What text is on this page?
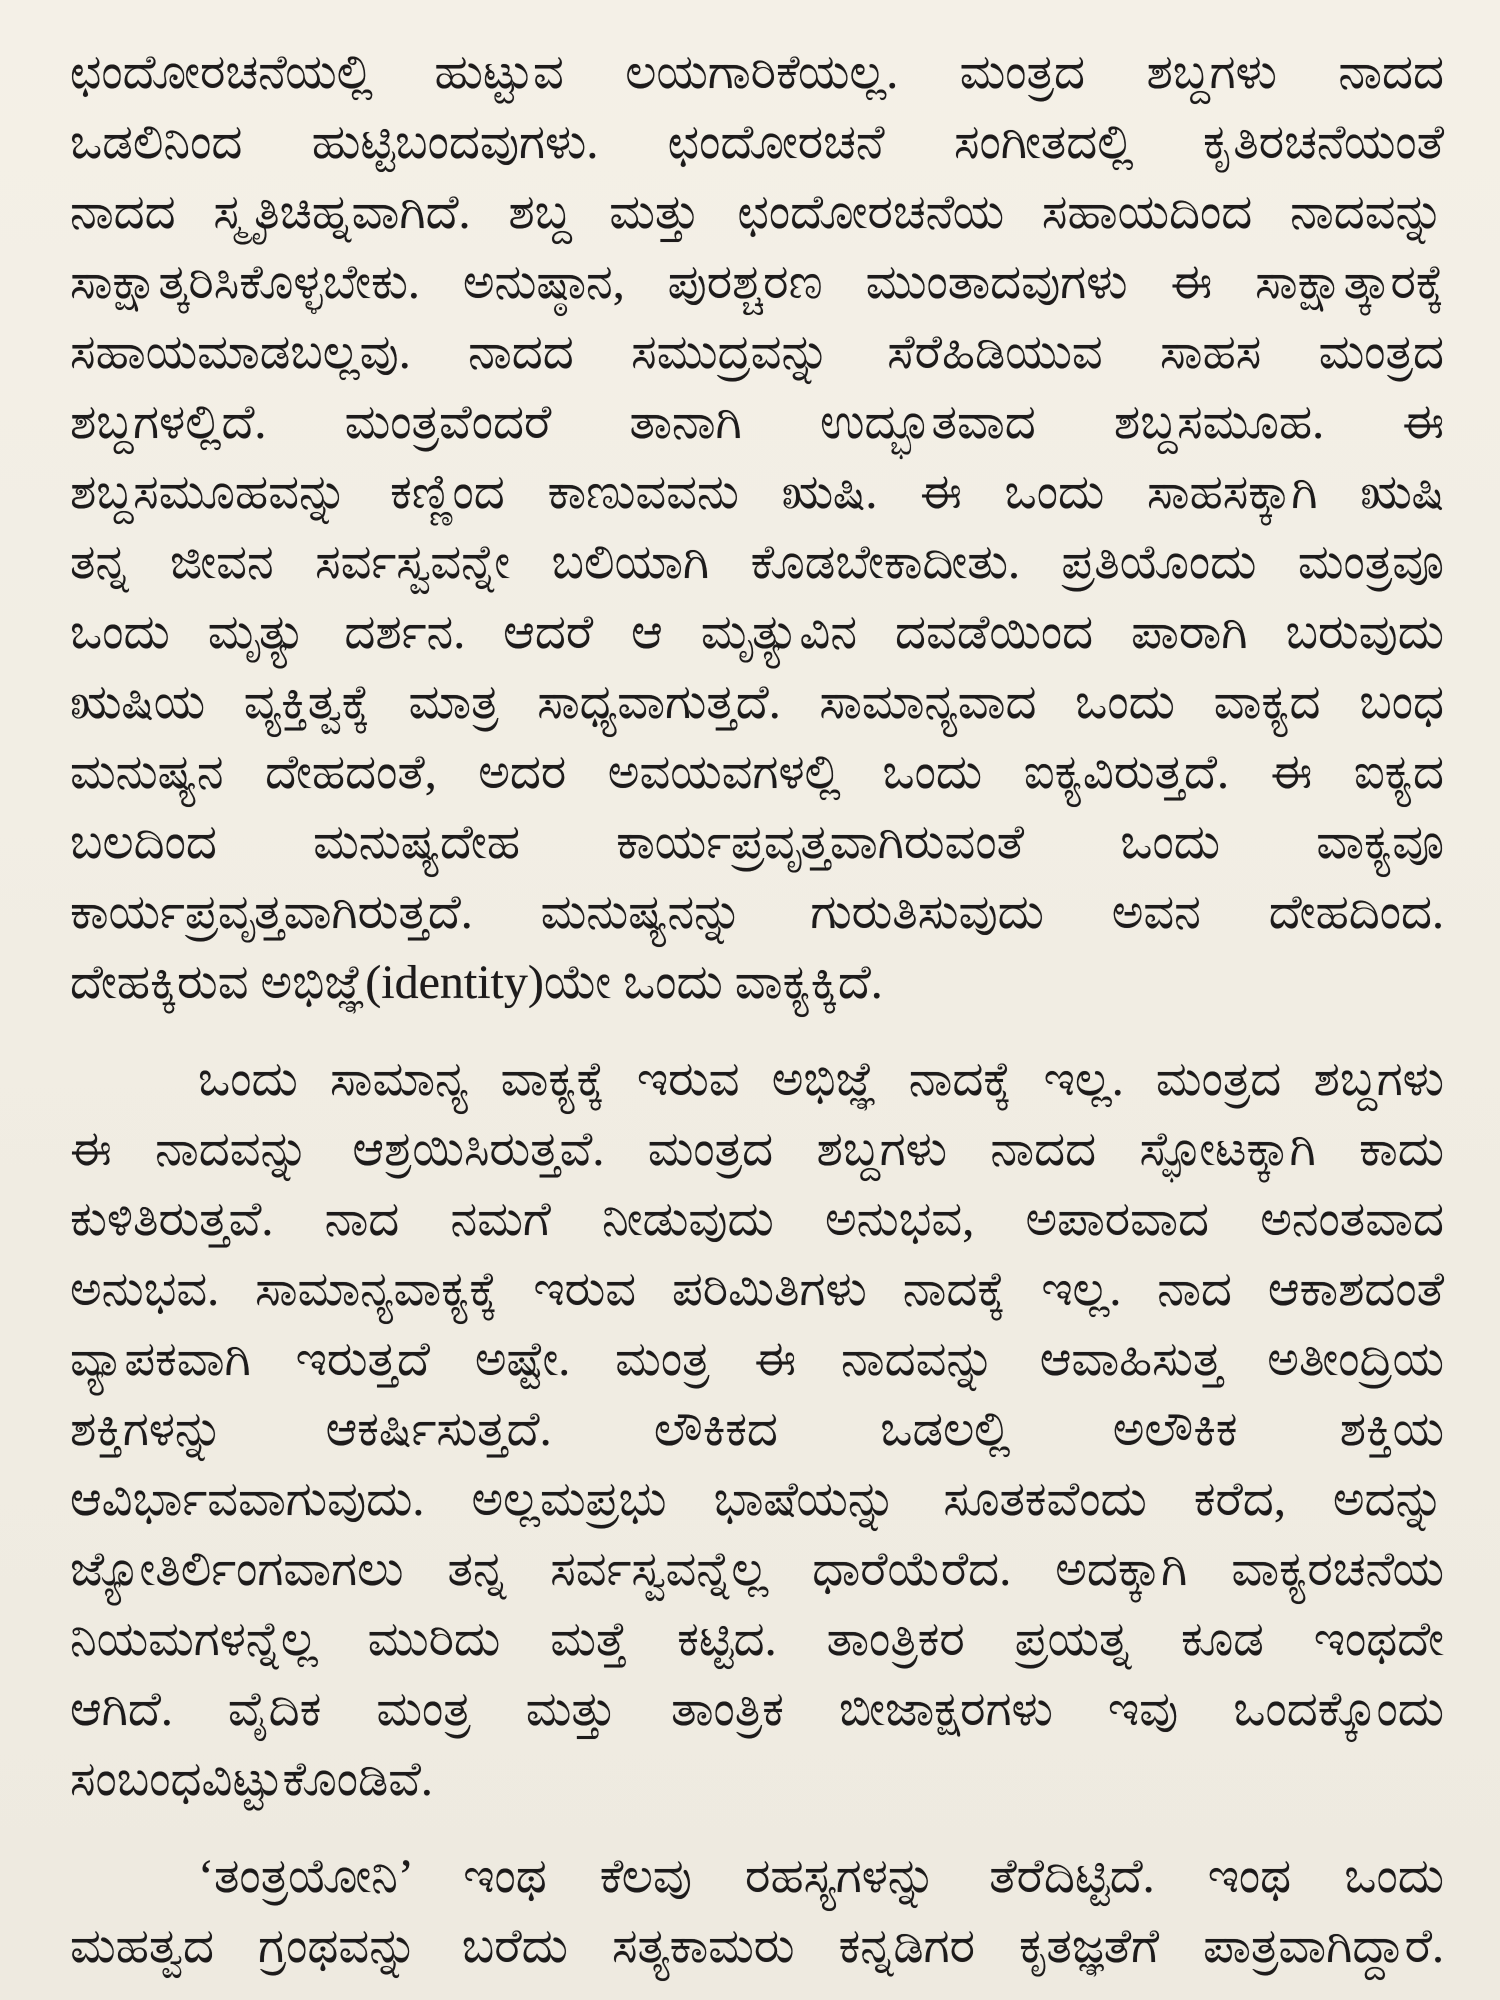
ಛಂದೋರಚನೆಯಲ್ಲಿ ಹುಟ್ಟುವ ಲಯಗಾರಿಕೆಯಲ್ಲ. ಮಂತ್ರದ ಶಬ್ದಗಳು ನಾದದ
ಒಡಲಿನಿಂದ ಹುಟ್ಟಿಬಂದವುಗಳು. ಛಂದೋರಚನೆ ಸಂಗೀತದಲ್ಲಿ ಕೃತಿರಚನೆಯಂತೆ
ನಾದದ ಸ್ಮೃತಿಚಿಹ್ನವಾಗಿದೆ. ಶಬ್ದ ಮತ್ತು ಛಂದೋರಚನೆಯ ಸಹಾಯದಿಂದ ನಾದವನ್ನು
ಸಾಕ್ಷಾತ್ಕರಿಸಿಕೊಳ್ಳಬೇಕು. ಅನುಷ್ಠಾನ, ಪುರಶ್ಚರಣ ಮುಂತಾದವುಗಳು ಈ ಸಾಕ್ಷಾತ್ಕಾರಕ್ಕೆ
ಸಹಾಯಮಾಡಬಲ್ಲವು. ನಾದದ ಸಮುದ್ರವನ್ನು ಸೆರೆಹಿಡಿಯುವ ಸಾಹಸ ಮಂತ್ರದ
ಶಬ್ದಗಳಲ್ಲಿದೆ. ಮಂತ್ರವೆಂದರೆ ತಾನಾಗಿ ಉದ್ಭೂತವಾದ ಶಬ್ದಸಮೂಹ. ಈ
ಶಬ್ದಸಮೂಹವನ್ನು ಕಣ್ಣಿಂದ ಕಾಣುವವನು ಋಷಿ. ಈ ಒಂದು ಸಾಹಸಕ್ಕಾಗಿ ಋಷಿ
ತನ್ನ ಜೀವನ ಸರ್ವಸ್ವವನ್ನೇ ಬಲಿಯಾಗಿ ಕೊಡಬೇಕಾದೀತು. ಪ್ರತಿಯೊಂದು ಮಂತ್ರವೂ
ಒಂದು ಮೃತ್ಯು ದರ್ಶನ. ಆದರೆ ಆ ಮೃತ್ಯುವಿನ ದವಡೆಯಿಂದ ಪಾರಾಗಿ ಬರುವುದು
ಋಷಿಯ ವ್ಯಕ್ತಿತ್ವಕ್ಕೆ ಮಾತ್ರ ಸಾಧ್ಯವಾಗುತ್ತದೆ. ಸಾಮಾನ್ಯವಾದ ಒಂದು ವಾಕ್ಯದ ಬಂಧ
ಮನುಷ್ಯನ ದೇಹದಂತೆ, ಅದರ ಅವಯವಗಳಲ್ಲಿ ಒಂದು ಐಕ್ಯವಿರುತ್ತದೆ. ಈ ಐಕ್ಯದ
ಬಲದಿಂದ ಮನುಷ್ಯದೇಹ ಕಾರ್ಯಪ್ರವೃತ್ತವಾಗಿರುವಂತೆ ಒಂದು ವಾಕ್ಯವೂ
ಕಾರ್ಯಪ್ರವೃತ್ತವಾಗಿರುತ್ತದೆ. ಮನುಷ್ಯನನ್ನು ಗುರುತಿಸುವುದು ಅವನ ದೇಹದಿಂದ.
ದೇಹಕ್ಕಿರುವ ಅಭಿಜ್ಞೆ(identity)ಯೇ ಒಂದು ವಾಕ್ಯಕ್ಕಿದೆ.
ಒಂದು ಸಾಮಾನ್ಯ ವಾಕ್ಯಕ್ಕೆ ಇರುವ ಅಭಿಜ್ಞೆ ನಾದಕ್ಕೆ ಇಲ್ಲ. ಮಂತ್ರದ ಶಬ್ದಗಳು
ಈ ನಾದವನ್ನು ಆಶ್ರಯಿಸಿರುತ್ತವೆ. ಮಂತ್ರದ ಶಬ್ದಗಳು ನಾದದ ಸ್ಫೋಟಕ್ಕಾಗಿ ಕಾದು
ಕುಳಿತಿರುತ್ತವೆ. ನಾದ ನಮಗೆ ನೀಡುವುದು ಅನುಭವ, ಅಪಾರವಾದ ಅನಂತವಾದ
ಅನುಭವ. ಸಾಮಾನ್ಯವಾಕ್ಯಕ್ಕೆ ಇರುವ ಪರಿಮಿತಿಗಳು ನಾದಕ್ಕೆ ಇಲ್ಲ. ನಾದ ಆಕಾಶದಂತೆ
ವ್ಯಾಪಕವಾಗಿ ಇರುತ್ತದೆ ಅಷ್ಟೇ. ಮಂತ್ರ ಈ ನಾದವನ್ನು ಆವಾಹಿಸುತ್ತ ಅತೀಂದ್ರಿಯ
ಶಕ್ತಿಗಳನ್ನು ಆಕರ್ಷಿಸುತ್ತದೆ. ಲೌಕಿಕದ ಒಡಲಲ್ಲಿ ಅಲೌಕಿಕ ಶಕ್ತಿಯ
ಆವಿರ್ಭಾವವಾಗುವುದು. ಅಲ್ಲಮಪ್ರಭು ಭಾಷೆಯನ್ನು ಸೂತಕವೆಂದು ಕರೆದ, ಅದನ್ನು
ಜ್ಯೋತಿರ್ಲಿಂಗವಾಗಲು ತನ್ನ ಸರ್ವಸ್ವವನ್ನೆಲ್ಲ ಧಾರೆಯೆರೆದ. ಅದಕ್ಕಾಗಿ ವಾಕ್ಯರಚನೆಯ
ನಿಯಮಗಳನ್ನೆಲ್ಲ ಮುರಿದು ಮತ್ತೆ ಕಟ್ಟಿದ. ತಾಂತ್ರಿಕರ ಪ್ರಯತ್ನ ಕೂಡ ಇಂಥದೇ
ಆಗಿದೆ. ವೈದಿಕ ಮಂತ್ರ ಮತ್ತು ತಾಂತ್ರಿಕ ಬೀಜಾಕ್ಷರಗಳು ಇವು ಒಂದಕ್ಕೊಂದು
ಸಂಬಂಧವಿಟ್ಟುಕೊಂಡಿವೆ.
‘ತಂತ್ರಯೋನಿ’ ಇಂಥ ಕೆಲವು ರಹಸ್ಯಗಳನ್ನು ತೆರೆದಿಟ್ಟಿದೆ. ಇಂಥ ಒಂದು
ಮಹತ್ವದ ಗ್ರಂಥವನ್ನು ಬರೆದು ಸತ್ಯಕಾಮರು ಕನ್ನಡಿಗರ ಕೃತಜ್ಞತೆಗೆ ಪಾತ್ರವಾಗಿದ್ದಾರೆ.
